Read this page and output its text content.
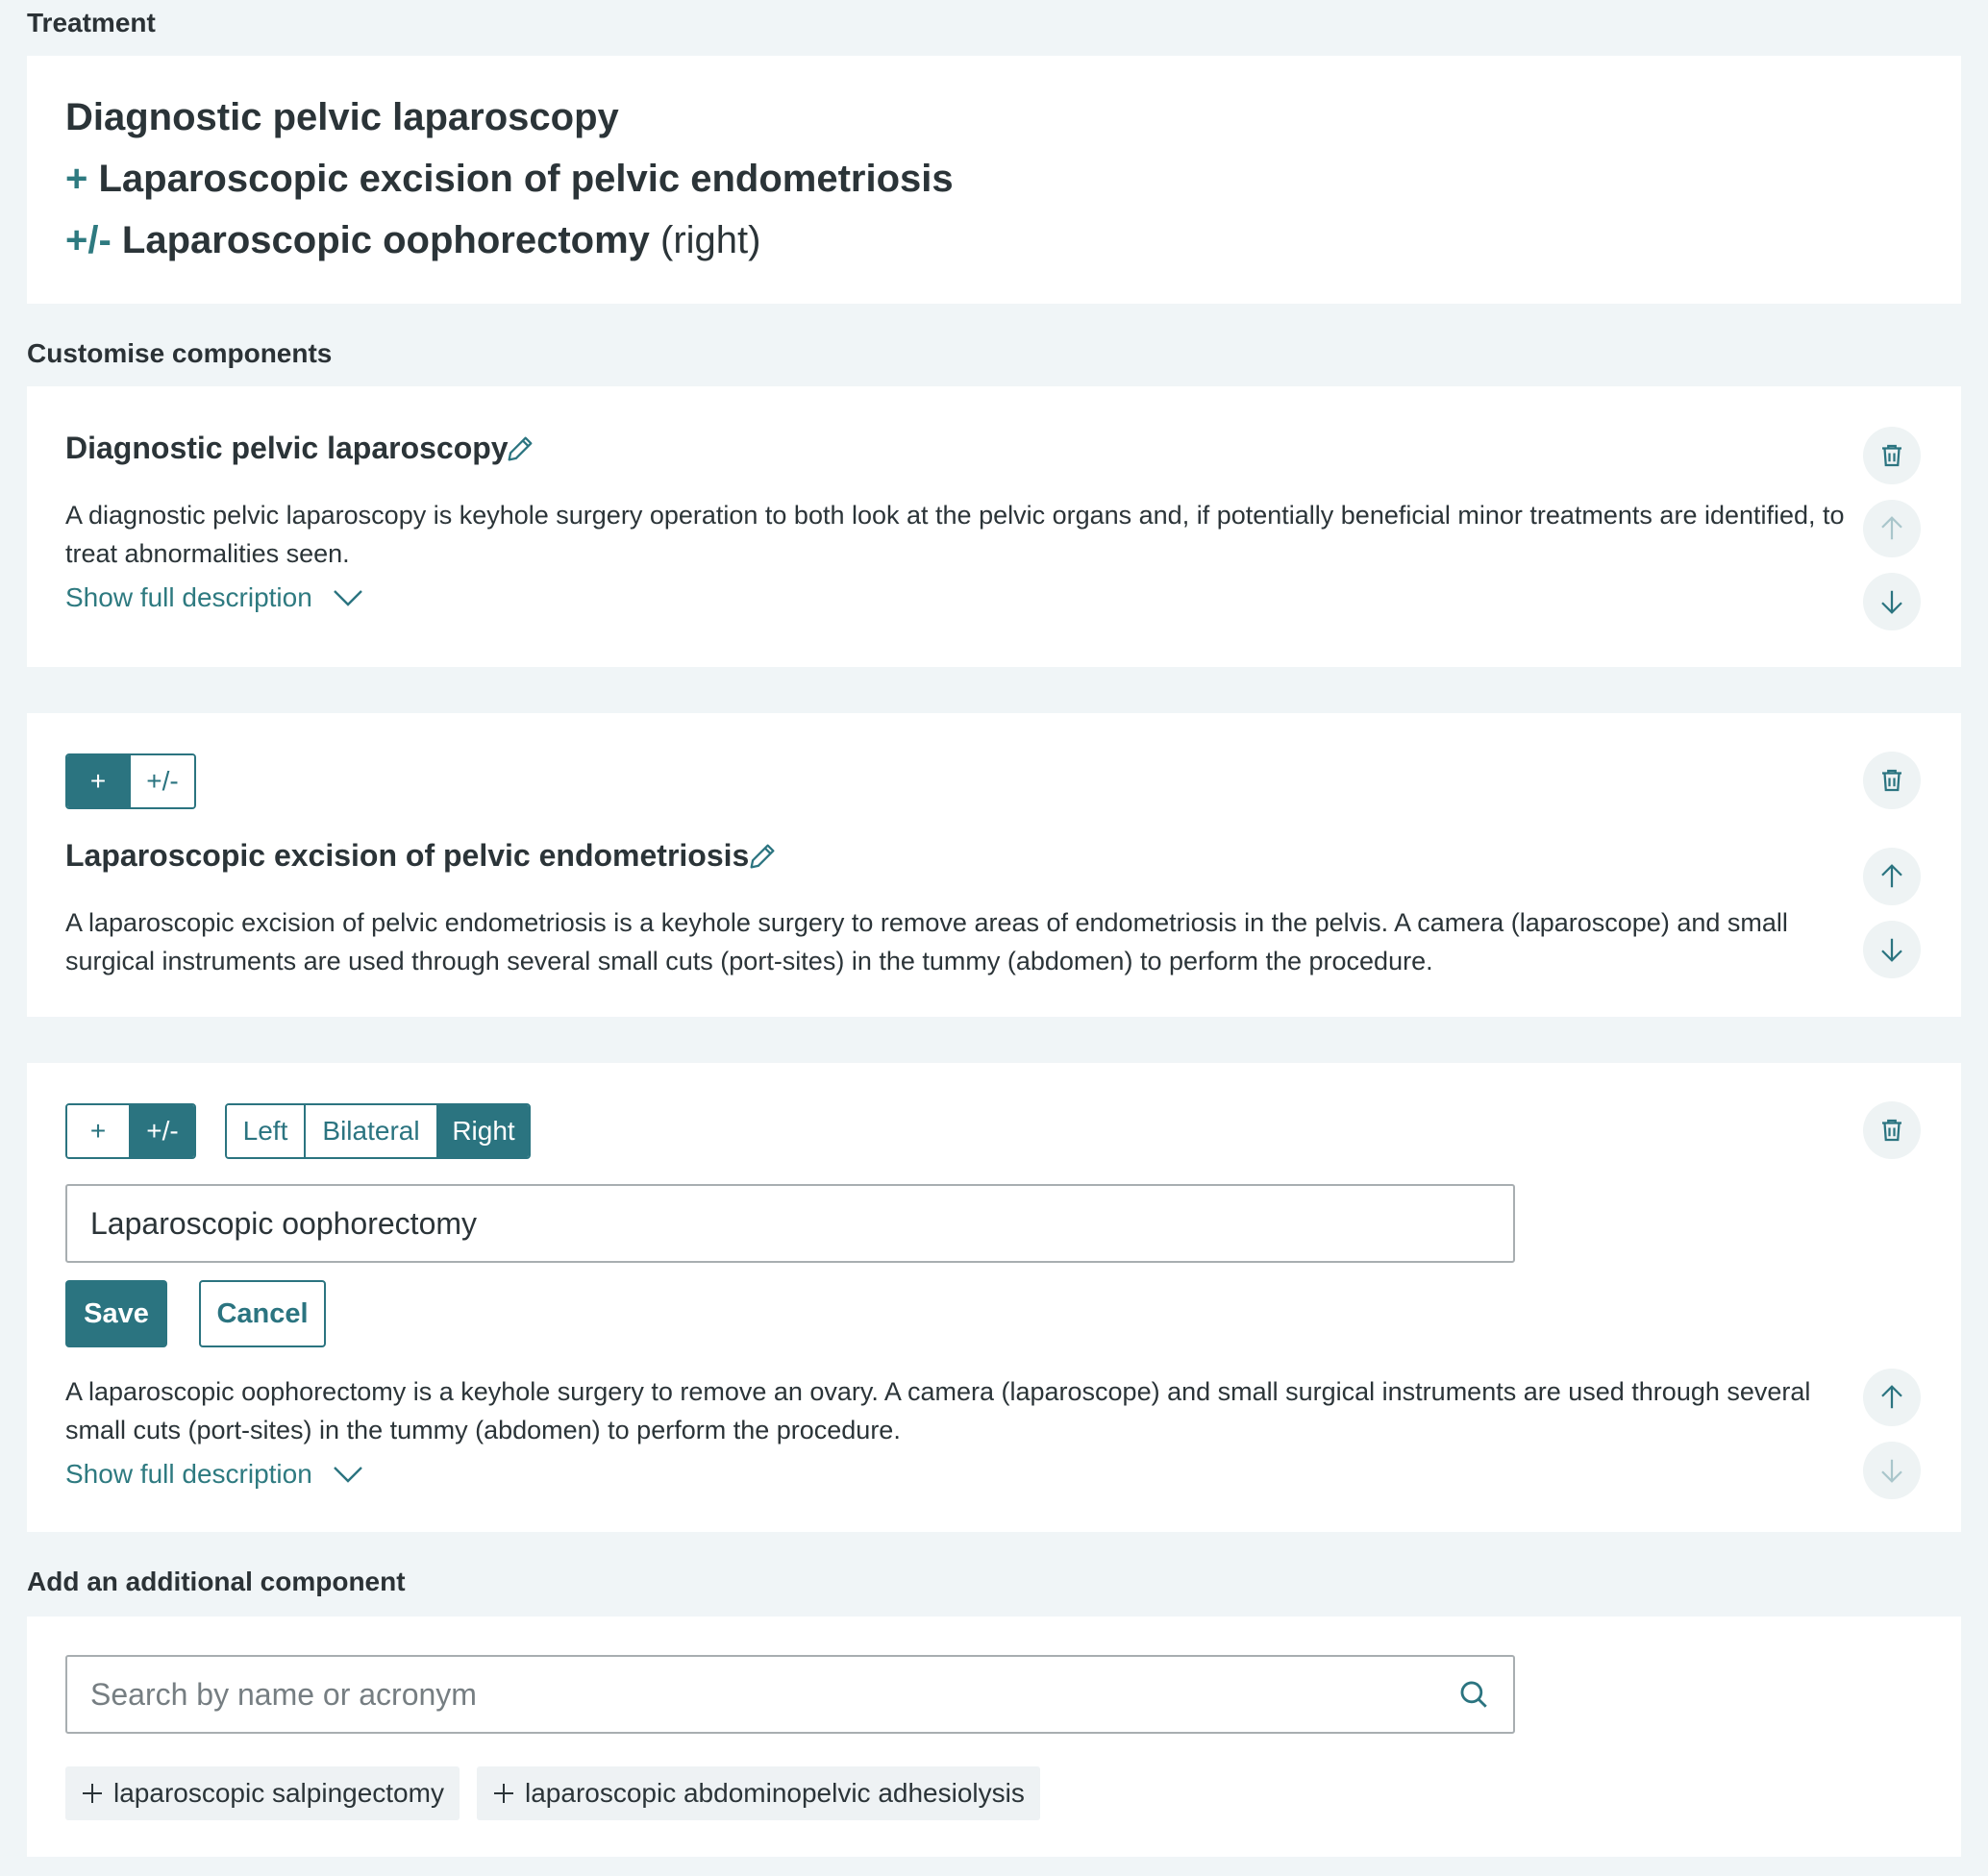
Treatment
Diagnostic pelvic laparoscopy
+ Laparoscopic excision of pelvic endometriosis
+/- Laparoscopic oophorectomy (right)
Customise components
Diagnostic pelvic laparoscopy
A diagnostic pelvic laparoscopy is keyhole surgery operation to both look at the pelvic organs and, if potentially beneficial minor treatments are identified, to treat abnormalities seen.
Show full description
+	+/-
Laparoscopic excision of pelvic endometriosis
A laparoscopic excision of pelvic endometriosis is a keyhole surgery to remove areas of endometriosis in the pelvis. A camera (laparoscope) and small surgical instruments are used through several small cuts (port-sites) in the tummy (abdomen) to perform the procedure.
+	+/-	Left	Bilateral	Right
Laparoscopic oophorectomy
Save	Cancel
A laparoscopic oophorectomy is a keyhole surgery to remove an ovary. A camera (laparoscope) and small surgical instruments are used through several small cuts (port-sites) in the tummy (abdomen) to perform the procedure.
Show full description
Add an additional component
Search by name or acronym
laparoscopic salpingectomy	laparoscopic abdominopelvic adhesiolysis
